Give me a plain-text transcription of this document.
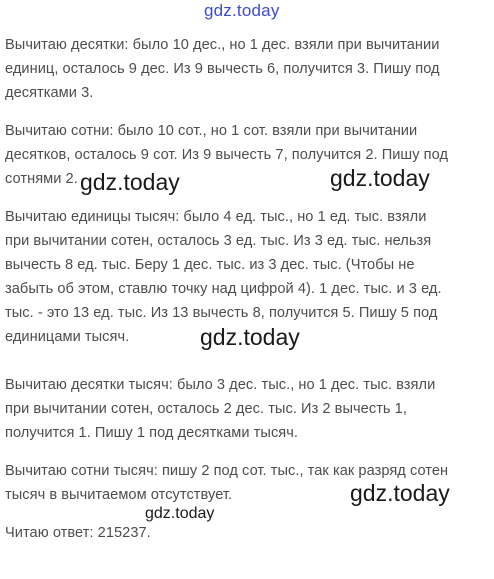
gdz.today
Вычитаю десятки: было 10 дес., но 1 дес. взяли при вычитании
единиц, осталось 9 дес. Из 9 вычесть 6, получится 3. Пишу под
десятками 3.
Вычитаю сотни: было 10 сот., но 1 сот. взяли при вычитании
десятков, осталось 9 сот. Из 9 вычесть 7, получится 2. Пишу под
сотнями 2.
Вычитаю единицы тысяч: было 4 ед. тыс., но 1 ед. тыс. взяли
при вычитании сотен, осталось 3 ед. тыс. Из 3 ед. тыс. нельзя
вычесть 8 ед. тыс. Беру 1 дес. тыс. из 3 дес. тыс. (Чтобы не
забыть об этом, ставлю точку над цифрой 4). 1 дес. тыс. и 3 ед.
тыс. - это 13 ед. тыс. Из 13 вычесть 8, получится 5. Пишу 5 под
единицами тысяч.
Вычитаю десятки тысяч: было 3 дес. тыс., но 1 дес. тыс. взяли
при вычитании сотен, осталось 2 дес. тыс. Из 2 вычесть 1,
получится 1. Пишу 1 под десятками тысяч.
Вычитаю сотни тысяч: пишу 2 под сот. тыс., так как разряд сотен
тысяч в вычитаемом отсутствует.
Читаю ответ: 215237.
gdz.today	gdz.today
gdz.today
gdz.today
gdz.today
